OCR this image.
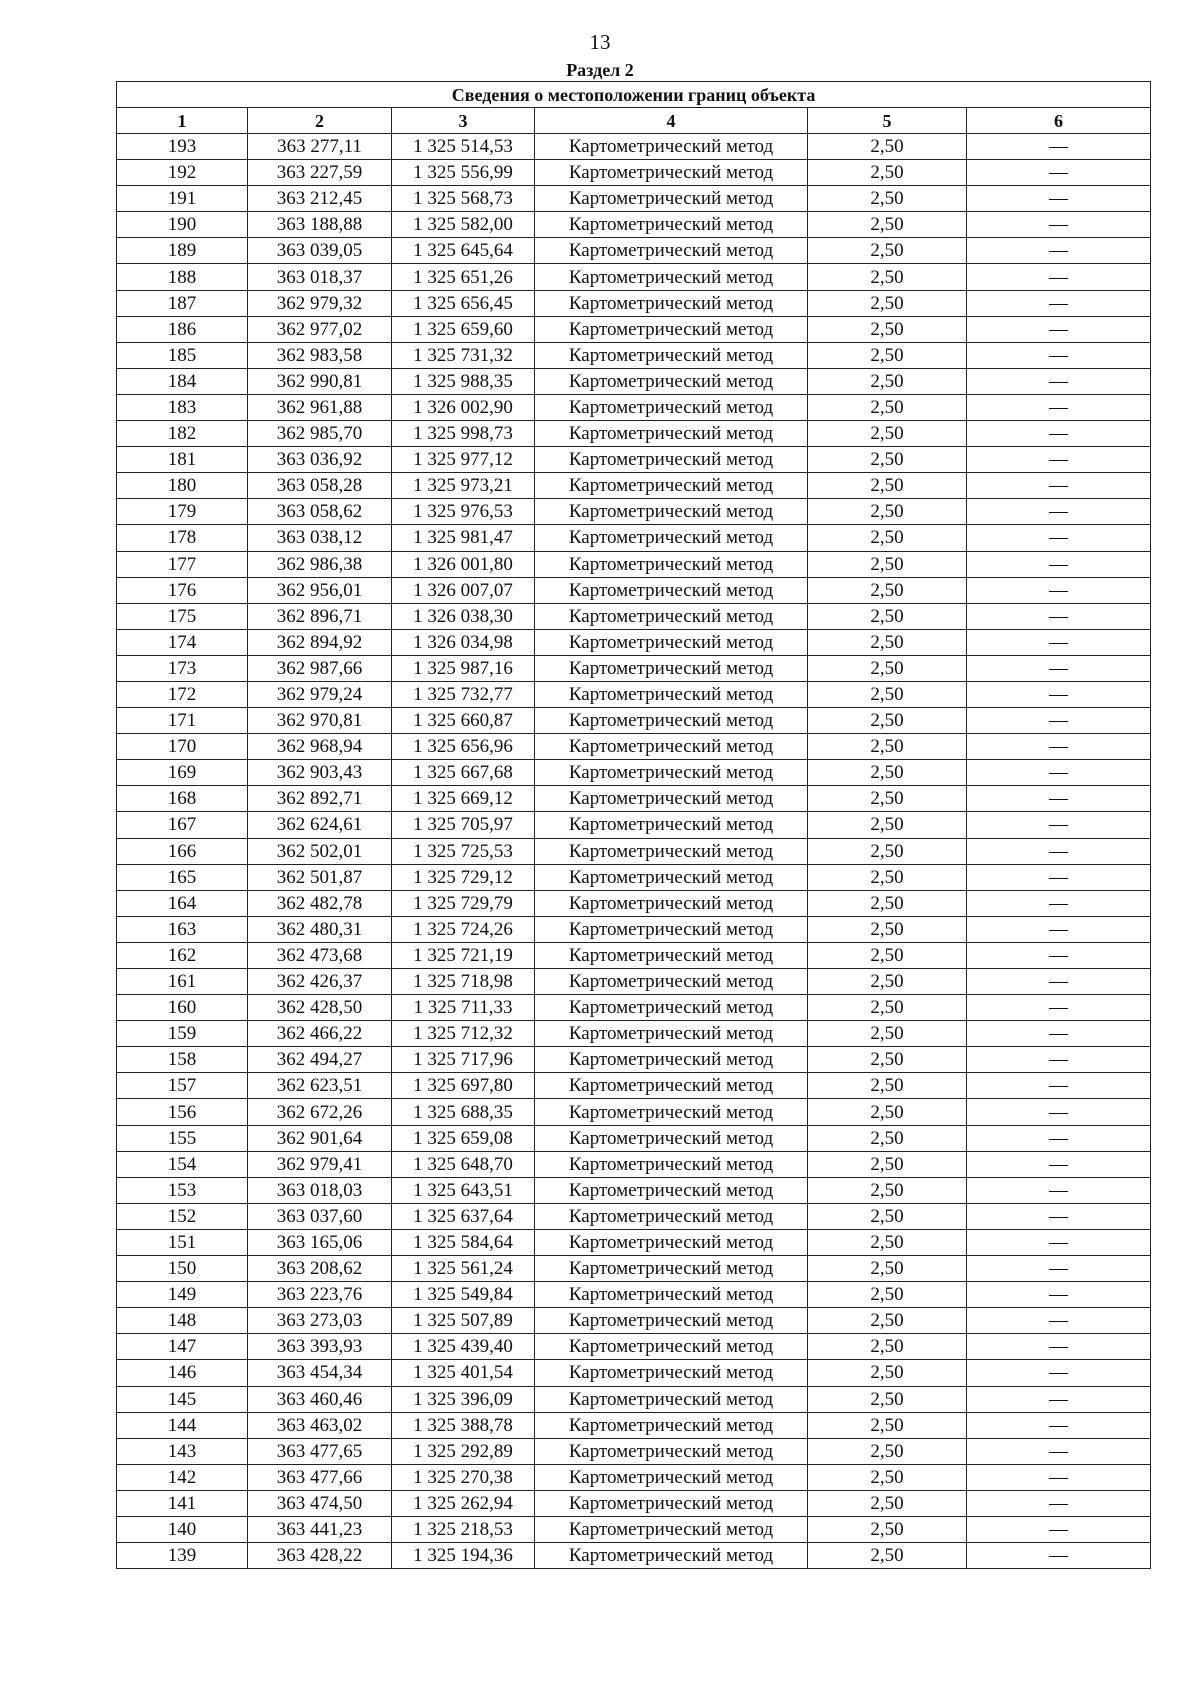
13
Раздел 2
Сведения о местоположении границ объекта					
1	2	3	4	5	6
193	363 277,11	1 325 514,53	Картометрический метод	2,50	—
192	363 227,59	1 325 556,99	Картометрический метод	2,50	—
191	363 212,45	1 325 568,73	Картометрический метод	2,50	—
190	363 188,88	1 325 582,00	Картометрический метод	2,50	—
189	363 039,05	1 325 645,64	Картометрический метод	2,50	—
188	363 018,37	1 325 651,26	Картометрический метод	2,50	—
187	362 979,32	1 325 656,45	Картометрический метод	2,50	—
186	362 977,02	1 325 659,60	Картометрический метод	2,50	—
185	362 983,58	1 325 731,32	Картометрический метод	2,50	—
184	362 990,81	1 325 988,35	Картометрический метод	2,50	—
183	362 961,88	1 326 002,90	Картометрический метод	2,50	—
182	362 985,70	1 325 998,73	Картометрический метод	2,50	—
181	363 036,92	1 325 977,12	Картометрический метод	2,50	—
180	363 058,28	1 325 973,21	Картометрический метод	2,50	—
179	363 058,62	1 325 976,53	Картометрический метод	2,50	—
178	363 038,12	1 325 981,47	Картометрический метод	2,50	—
177	362 986,38	1 326 001,80	Картометрический метод	2,50	—
176	362 956,01	1 326 007,07	Картометрический метод	2,50	—
175	362 896,71	1 326 038,30	Картометрический метод	2,50	—
174	362 894,92	1 326 034,98	Картометрический метод	2,50	—
173	362 987,66	1 325 987,16	Картометрический метод	2,50	—
172	362 979,24	1 325 732,77	Картометрический метод	2,50	—
171	362 970,81	1 325 660,87	Картометрический метод	2,50	—
170	362 968,94	1 325 656,96	Картометрический метод	2,50	—
169	362 903,43	1 325 667,68	Картометрический метод	2,50	—
168	362 892,71	1 325 669,12	Картометрический метод	2,50	—
167	362 624,61	1 325 705,97	Картометрический метод	2,50	—
166	362 502,01	1 325 725,53	Картометрический метод	2,50	—
165	362 501,87	1 325 729,12	Картометрический метод	2,50	—
164	362 482,78	1 325 729,79	Картометрический метод	2,50	—
163	362 480,31	1 325 724,26	Картометрический метод	2,50	—
162	362 473,68	1 325 721,19	Картометрический метод	2,50	—
161	362 426,37	1 325 718,98	Картометрический метод	2,50	—
160	362 428,50	1 325 711,33	Картометрический метод	2,50	—
159	362 466,22	1 325 712,32	Картометрический метод	2,50	—
158	362 494,27	1 325 717,96	Картометрический метод	2,50	—
157	362 623,51	1 325 697,80	Картометрический метод	2,50	—
156	362 672,26	1 325 688,35	Картометрический метод	2,50	—
155	362 901,64	1 325 659,08	Картометрический метод	2,50	—
154	362 979,41	1 325 648,70	Картометрический метод	2,50	—
153	363 018,03	1 325 643,51	Картометрический метод	2,50	—
152	363 037,60	1 325 637,64	Картометрический метод	2,50	—
151	363 165,06	1 325 584,64	Картометрический метод	2,50	—
150	363 208,62	1 325 561,24	Картометрический метод	2,50	—
149	363 223,76	1 325 549,84	Картометрический метод	2,50	—
148	363 273,03	1 325 507,89	Картометрический метод	2,50	—
147	363 393,93	1 325 439,40	Картометрический метод	2,50	—
146	363 454,34	1 325 401,54	Картометрический метод	2,50	—
145	363 460,46	1 325 396,09	Картометрический метод	2,50	—
144	363 463,02	1 325 388,78	Картометрический метод	2,50	—
143	363 477,65	1 325 292,89	Картометрический метод	2,50	—
142	363 477,66	1 325 270,38	Картометрический метод	2,50	—
141	363 474,50	1 325 262,94	Картометрический метод	2,50	—
140	363 441,23	1 325 218,53	Картометрический метод	2,50	—
139	363 428,22	1 325 194,36	Картометрический метод	2,50	—
